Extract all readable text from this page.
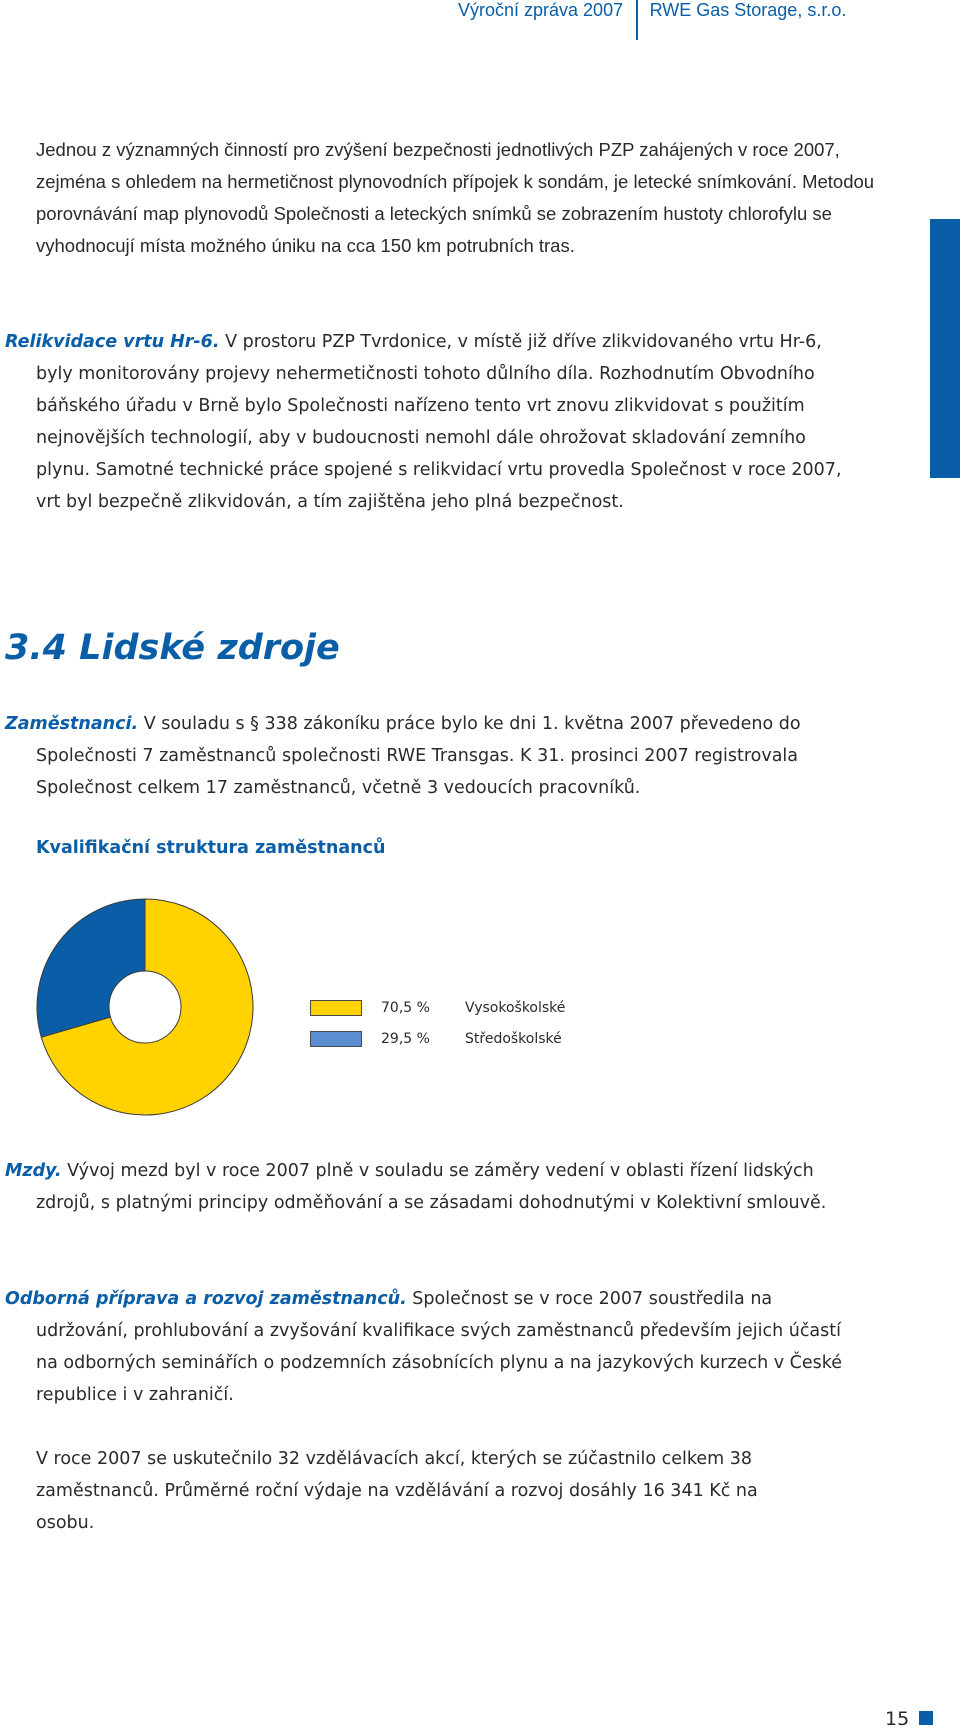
Výroční zpráva 2007 RWE Gas Storage, s.r.o.

Jednou z významných činností pro zvýšení bezpečnosti jednotlivých PZP zahájených v roce 2007, zejména s ohledem na hermetičnost plynovodních přípojek k sondám, je letecké snímkování. Metodou porovnávání map plynovodů Společnosti a leteckých snímků se zobrazením hustoty chlorofylu se vyhodnocují místa možného úniku na cca 150 km potrubních tras.

Relikvidace vrtu Hr-6. V prostoru PZP Tvrdonice, v místě již dříve zlikvidovaného vrtu Hr-6, byly monitorovány projevy nehermetičnosti tohoto důlního díla. Rozhodnutím Obvodního báňského úřadu v Brně bylo Společnosti nařízeno tento vrt znovu zlikvidovat s použitím nejnovějších technologií, aby v budoucnosti nemohl dále ohrožovat skladování zemního plynu. Samotné technické práce spojené s relikvidací vrtu provedla Společnost v roce 2007, vrt byl bezpečně zlikvidován, a tím zajištěna jeho plná bezpečnost.

3.4 Lidské zdroje

Zaměstnanci. V souladu s § 338 zákoníku práce bylo ke dni 1. května 2007 převedeno do Společnosti 7 zaměstnanců společnosti RWE Transgas. K 31. prosinci 2007 registrovala Společnost celkem 17 zaměstnanců, včetně 3 vedoucích pracovníků.

Kvalifikační struktura zaměstnanců
70,5 %	Vysokoškolské
29,5 %	Středoškolské

Mzdy. Vývoj mezd byl v roce 2007 plně v souladu se záměry vedení v oblasti řízení lidských zdrojů, s platnými principy odměňování a se zásadami dohodnutými v Kolektivní smlouvě.

Odborná příprava a rozvoj zaměstnanců. Společnost se v roce 2007 soustředila na udržování, prohlubování a zvyšování kvalifikace svých zaměstnanců především jejich účastí na odborných seminářích o podzemních zásobnících plynu a na jazykových kurzech v České republice i v zahraničí.

V roce 2007 se uskutečnilo 32 vzdělávacích akcí, kterých se zúčastnilo celkem 38 zaměstnanců. Průměrné roční výdaje na vzdělávání a rozvoj dosáhly 16 341 Kč na osobu.

15
